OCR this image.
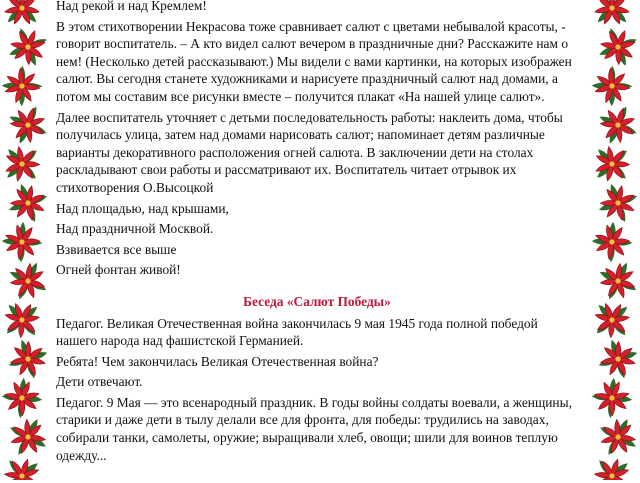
Над рекой и над Кремлем!

В этом стихотворении Некрасова тоже сравнивает салют с цветами небывалой красоты, - говорит воспитатель. – А кто видел салют вечером в праздничные дни? Расскажите нам о нем! (Несколько детей рассказывают.) Мы видели с вами картинки, на которых изображен салют. Вы сегодня станете художниками и нарисуете праздничный салют над домами, а потом мы составим все рисунки вместе – получится плакат «На нашей улице салют».

Далее воспитатель уточняет с детьми последовательность работы: наклеить дома, чтобы получилась улица, затем над домами нарисовать салют; напоминает детям различные варианты декоративного расположения огней салюта. В заключении дети на столах раскладывают свои работы и рассматривают их. Воспитатель читает отрывок их стихотворения О.Высоцкой

Над площадью, над крышами,

Над праздничной Москвой.

Взвивается все выше

Огней фонтан живой!

Беседа «Салют Победы»

Педагог. Великая Отечественная война закончилась 9 мая 1945 года полной победой нашего народа над фашистской Германией.

Ребята! Чем закончилась Великая Отечественная война?

Дети отвечают.

Педагог. 9 Мая — это всенародный праздник. В годы войны солдаты воевали, а женщины, старики и даже дети в тылу делали все для фронта, для победы: трудились на заводах, собирали танки, самолеты, оружие; выращивали хлеб, овощи; шили для воинов теплую одежду...
